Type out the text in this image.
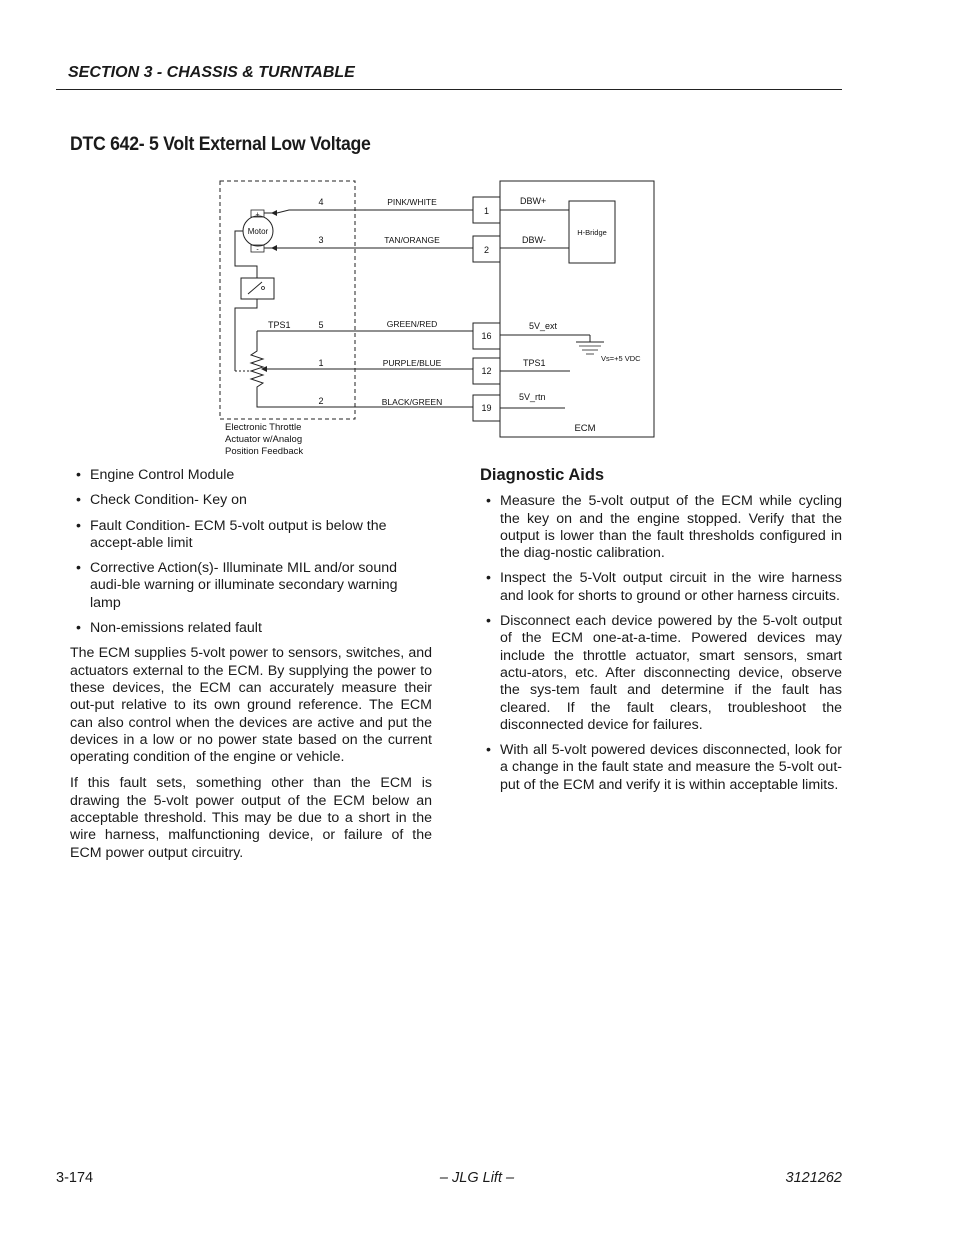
SECTION 3 - CHASSIS & TURNTABLE
DTC 642- 5 Volt External Low Voltage
Motor
+
-
TPS1
4
3
5
1
2
PINK/WHITE
TAN/ORANGE
GREEN/RED
PURPLE/BLUE
BLACK/GREEN
Electronic Throttle
Actuator w/Analog
Position Feedback
ECM
1
2
16
12
19
DBW+
DBW-
5V_ext
TPS1
5V_rtn
H-Bridge
Vs=+5 VDC
• Engine Control Module
• Check Condition- Key on
• Fault Condition- ECM 5-volt output is below the accept-able limit
• Corrective Action(s)- Illuminate MIL and/or sound audi-ble warning or illuminate secondary warning lamp
• Non-emissions related fault

The ECM supplies 5-volt power to sensors, switches, and actuators external to the ECM. By supplying the power to these devices, the ECM can accurately measure their out-put relative to its own ground reference. The ECM can also control when the devices are active and put the devices in a low or no power state based on the current operating condition of the engine or vehicle.

If this fault sets, something other than the ECM is drawing the 5-volt power output of the ECM below an acceptable threshold. This may be due to a short in the wire harness, malfunctioning device, or failure of the ECM power output circuitry.

Diagnostic Aids
• Measure the 5-volt output of the ECM while cycling the key on and the engine stopped. Verify that the output is lower than the fault thresholds configured in the diag-nostic calibration.
• Inspect the 5-Volt output circuit in the wire harness and look for shorts to ground or other harness circuits.
• Disconnect each device powered by the 5-volt output of the ECM one-at-a-time. Powered devices may include the throttle actuator, smart sensors, smart actu-ators, etc. After disconnecting device, observe the sys-tem fault and determine if the fault has cleared. If the fault clears, troubleshoot the disconnected device for failures.
• With all 5-volt powered devices disconnected, look for a change in the fault state and measure the 5-volt out-put of the ECM and verify it is within acceptable limits.
3-174	– JLG Lift –	3121262
